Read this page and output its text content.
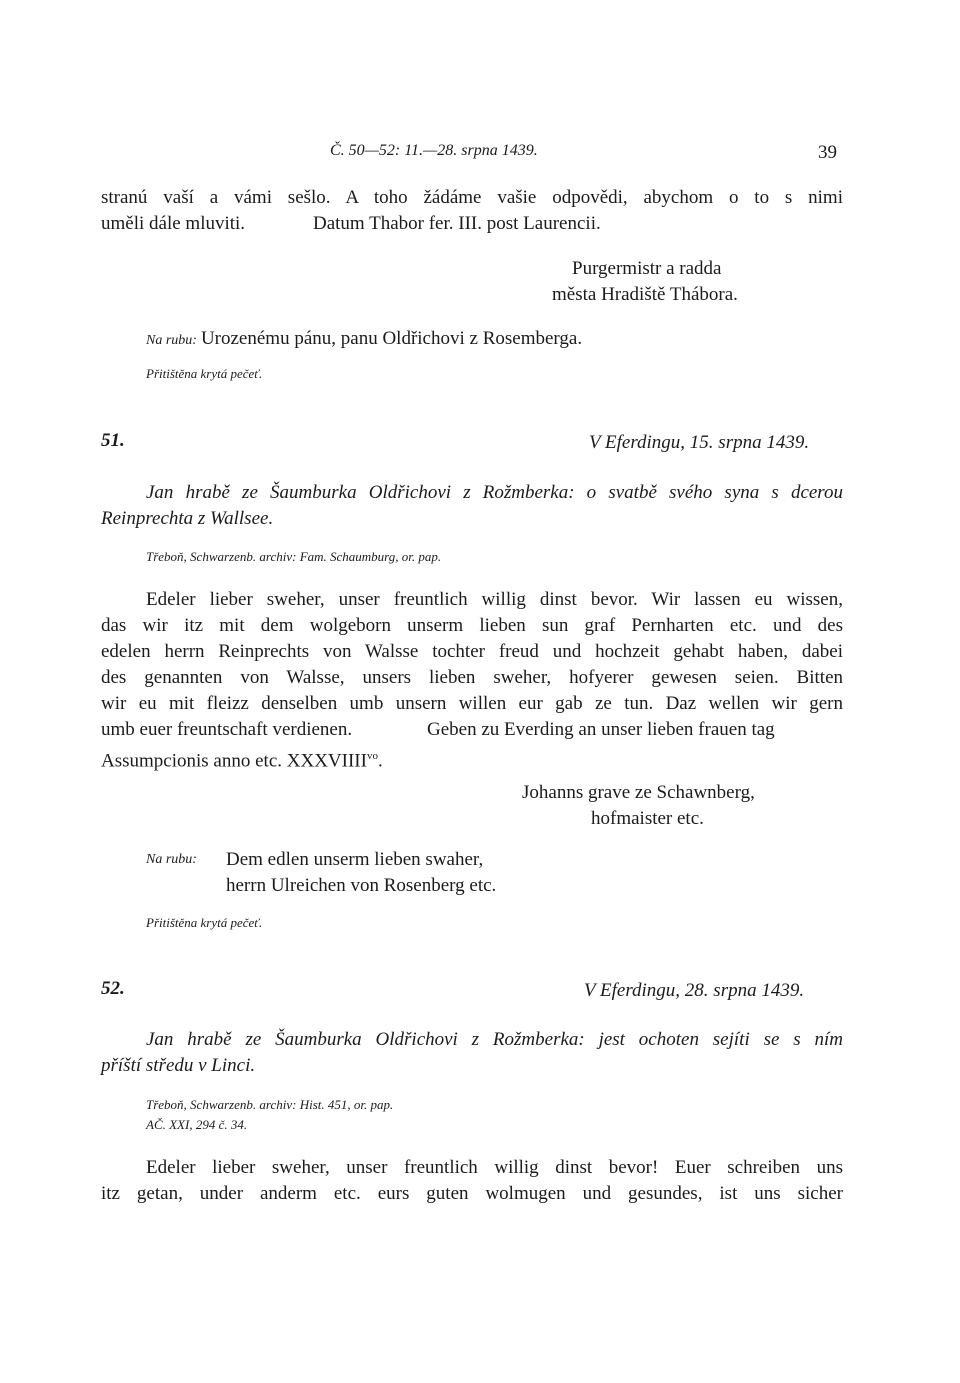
Č. 50—52: 11.—28. srpna 1439.	39
stranú vaší a vámi sešlo. A toho žádáme vašie odpovědi, abychom o to s nimi
uměli dále mluviti.	Datum Thabor fer. III. post Laurencii.
Purgermistr a radda
města Hradiště Thábora.
Na rubu: Urozenému pánu, panu Oldřichovi z Rosemberga.
Přitištěna krytá pečeť.
51.	V Eferdingu, 15. srpna 1439.
Jan hrabě ze Šaumburka Oldřichovi z Rožmberka: o svatbě svého syna s dcerou
Reinprechta z Wallsee.
Třeboň, Schwarzenb. archiv: Fam. Schaumburg, or. pap.
Edeler lieber sweher, unser freuntlich willig dinst bevor. Wir lassen eu wissen,
das wir itz mit dem wolgeborn unserm lieben sun graf Pernharten etc. und des
edelen herrn Reinprechts von Walsse tochter freud und hochzeit gehabt haben, dabei
des genannten von Walsse, unsers lieben sweher, hofyerer gewesen seien. Bitten
wir eu mit fleizz denselben umb unsern willen eur gab ze tun. Daz wellen wir gern
umb euer freuntschaft verdienen.	Geben zu Everding an unser lieben frauen tag
Assumpcionis anno etc. $XXXVIIII^{vo}$.
Johanns grave ze Schawnberg,
hofmaister etc.
Na rubu: Dem edlen unserm lieben swaher,
herrn Ulreichen von Rosenberg etc.
Přitištěna krytá pečeť.
52.	V Eferdingu, 28. srpna 1439.
Jan hrabě ze Šaumburka Oldřichovi z Rožmberka: jest ochoten sejíti se s ním
příští středu v Linci.
Třeboň, Schwarzenb. archiv: Hist. 451, or. pap.
AČ. XXI, 294 č. 34.
Edeler lieber sweher, unser freuntlich willig dinst bevor! Euer schreiben uns
itz getan, under anderm etc. eurs guten wolmugen und gesundes, ist uns sicher
